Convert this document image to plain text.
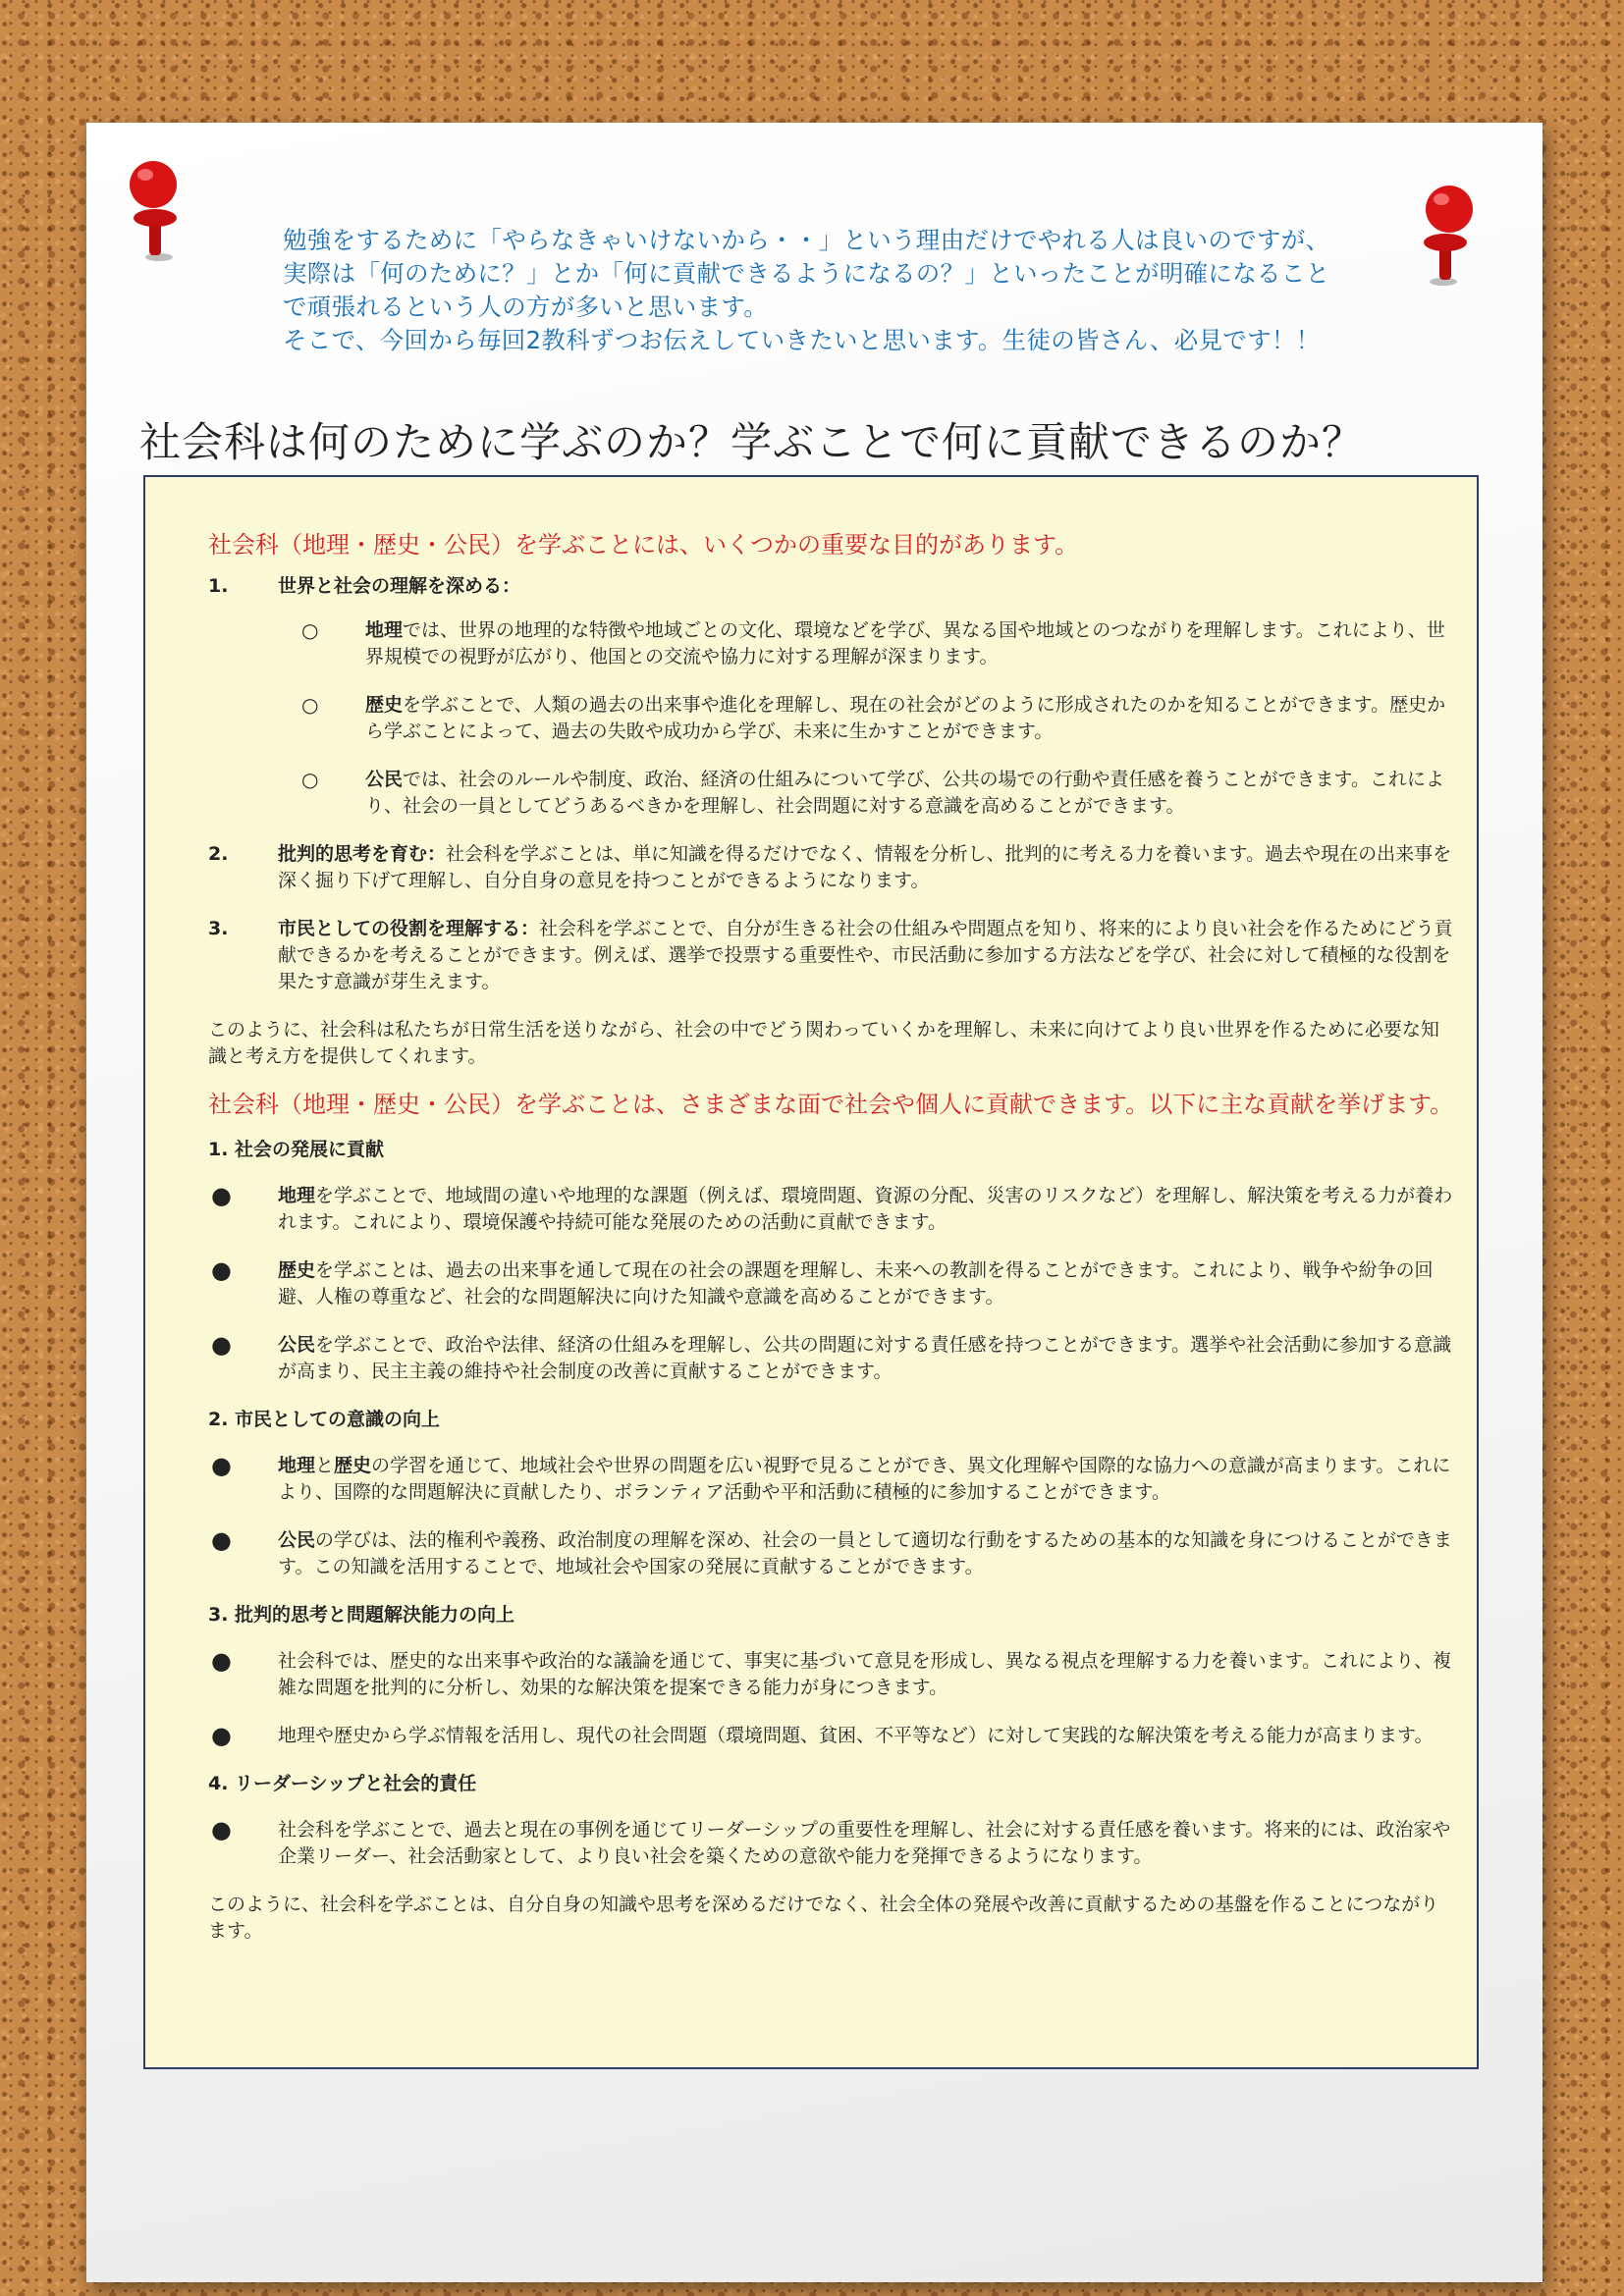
勉強をするために「やらなきゃいけないから・・」という理由だけでやれる人は良いのですが、実際は「何のために？」とか「何に貢献できるようになるの？」といったことが明確になることで頑張れるという人の方が多いと思います。

そこで、今回から毎回2教科ずつお伝えしていきたいと思います。生徒の皆さん、必見です！！

社会科は何のために学ぶのか？学ぶことで何に貢献できるのか？
社会科（地理・歴史・公民）を学ぶことには、いくつかの重要な目的があります。
1.	世界と社会の理解を深める：
○	地理では、世界の地理的な特徴や地域ごとの文化、環境などを学び、異なる国や地域とのつながりを理解します。これにより、世界規模での視野が広がり、他国との交流や協力に対する理解が深まります。
○	歴史を学ぶことで、人類の過去の出来事や進化を理解し、現在の社会がどのように形成されたのかを知ることができます。歴史から学ぶことによって、過去の失敗や成功から学び、未来に生かすことができます。
○	公民では、社会のルールや制度、政治、経済の仕組みについて学び、公共の場での行動や責任感を養うことができます。これにより、社会の一員としてどうあるべきかを理解し、社会問題に対する意識を高めることができます。
2.	批判的思考を育む：社会科を学ぶことは、単に知識を得るだけでなく、情報を分析し、批判的に考える力を養います。過去や現在の出来事を深く掘り下げて理解し、自分自身の意見を持つことができるようになります。
3.	市民としての役割を理解する：社会科を学ぶことで、自分が生きる社会の仕組みや問題点を知り、将来的により良い社会を作るためにどう貢献できるかを考えることができます。例えば、選挙で投票する重要性や、市民活動に参加する方法などを学び、社会に対して積極的な役割を果たす意識が芽生えます。

このように、社会科は私たちが日常生活を送りながら、社会の中でどう関わっていくかを理解し、未来に向けてより良い世界を作るために必要な知識と考え方を提供してくれます。

社会科（地理・歴史・公民）を学ぶことは、さまざまな面で社会や個人に貢献できます。以下に主な貢献を挙げます。

1. 社会の発展に貢献

● 地理を学ぶことで、地域間の違いや地理的な課題（例えば、環境問題、資源の分配、災害のリスクなど）を理解し、解決策を考える力が養われます。これにより、環境保護や持続可能な発展のための活動に貢献できます。
● 歴史を学ぶことは、過去の出来事を通して現在の社会の課題を理解し、未来への教訓を得ることができます。これにより、戦争や紛争の回避、人権の尊重など、社会的な問題解決に向けた知識や意識を高めることができます。
● 公民を学ぶことで、政治や法律、経済の仕組みを理解し、公共の問題に対する責任感を持つことができます。選挙や社会活動に参加する意識が高まり、民主主義の維持や社会制度の改善に貢献することができます。

2. 市民としての意識の向上

● 地理と歴史の学習を通じて、地域社会や世界の問題を広い視野で見ることができ、異文化理解や国際的な協力への意識が高まります。これにより、国際的な問題解決に貢献したり、ボランティア活動や平和活動に積極的に参加することができます。
● 公民の学びは、法的権利や義務、政治制度の理解を深め、社会の一員として適切な行動をするための基本的な知識を身につけることができます。この知識を活用することで、地域社会や国家の発展に貢献することができます。

3. 批判的思考と問題解決能力の向上

● 社会科では、歴史的な出来事や政治的な議論を通じて、事実に基づいて意見を形成し、異なる視点を理解する力を養います。これにより、複雑な問題を批判的に分析し、効果的な解決策を提案できる能力が身につきます。
● 地理や歴史から学ぶ情報を活用し、現代の社会問題（環境問題、貧困、不平等など）に対して実践的な解決策を考える能力が高まります。

4. リーダーシップと社会的責任

● 社会科を学ぶことで、過去と現在の事例を通じてリーダーシップの重要性を理解し、社会に対する責任感を養います。将来的には、政治家や企業リーダー、社会活動家として、より良い社会を築くための意欲や能力を発揮できるようになります。

このように、社会科を学ぶことは、自分自身の知識や思考を深めるだけでなく、社会全体の発展や改善に貢献するための基盤を作ることにつながります。
